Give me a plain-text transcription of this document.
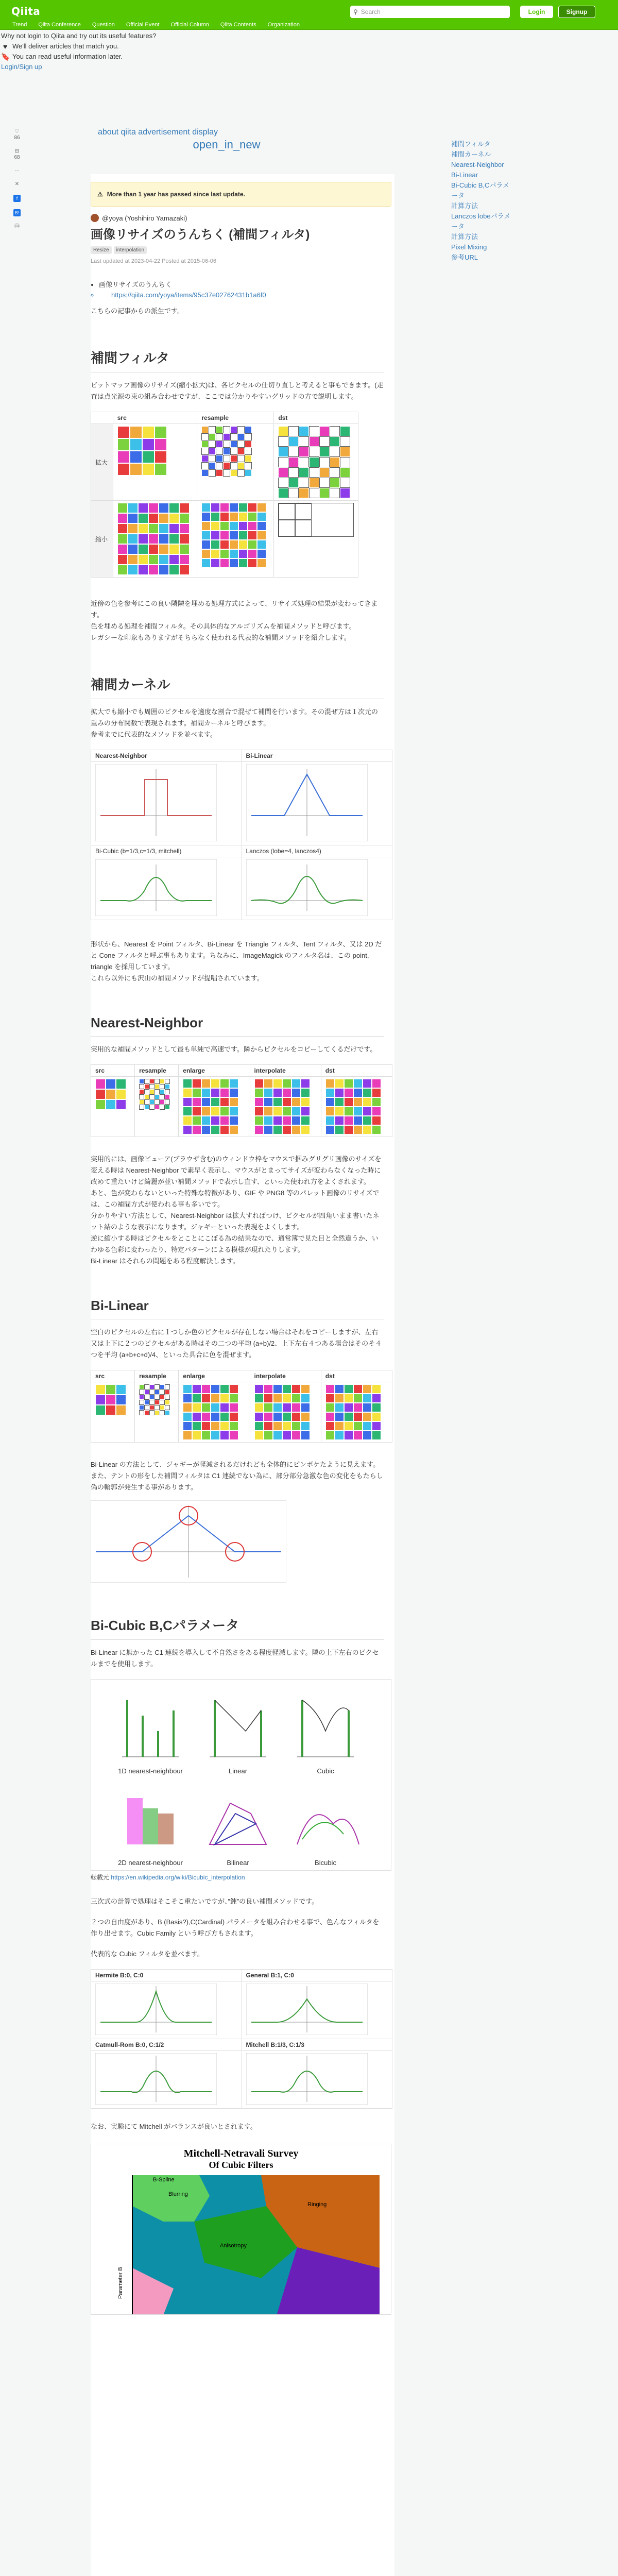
Qiita	⚲ Search	Login	Signup
Trend Qiita Conference Question Official Event Official Column Qiita Contents Organization
Why not login to Qiita and try out its useful features?
♥ We'll deliver articles that match you.
🔖 You can read useful information later.
Login/Sign up
♡
86
⊟
68
⋯
✕
f
B!
ⓜ
about qiita advertisement display
open_in_new
⚠ More than 1 year has passed since last update.
@yoya (Yoshihiro Yamazaki)
画像リサイズのうんちく (補間フィルタ)
Resize	interpolation
Last updated at 2023-04-22 Posted at 2015-06-06
• 画像リサイズのうんちく
◦ https://qiita.com/yoya/items/95c37e02762431b1a6f0
こちらの記事からの派生です。
補間フィルタ
ビットマップ画像のリサイズ(縮小拡大)は、各ピクセルの仕切り直しと考えると事もできます。(走査は点光源の束の組み合わせですが、ここでは分かりやすいグリッドの方で説明します。
	src	resample	dst
拡大	

縮小	

近傍の色を参考にこの良い隣隣を埋める処理方式によって、リサイズ処理の結果が変わってきます。
色を埋める処理を補間フィルタ。その具体的なアルゴリズムを補間メソッドと呼びます。
レガシーな印象もありますがそちらなく使われる代表的な補間メソッドを紹介します。
補間カーネル
拡大でも縮小でも周囲のピクセルを適度な割合で混ぜて補間を行います。その混ぜ方は１次元の重みの分布関数で表現されます。補間カーネルと呼びます。
参考までに代表的なメソッドを並べます。
Nearest-Neighbor	Bi-Linear

Bi-Cubic (b=1/3,c=1/3, mitchell)	Lanczos (lobe=4, lanczos4)

形状から、Nearest を Point フィルタ、Bi-Linear を Triangle フィルタ、Tent フィルタ、又は 2D だと Cone フィルタと呼ぶ事もあります。ちなみに、ImageMagick のフィルタ名は、この point, triangle を採用しています。
これら以外にも沢山の補間メソッドが提唱されています。
Nearest-Neighbor
実用的な補間メソッドとして最も単純で高速です。隣からピクセルをコピーしてくるだけです。
src	resample	enlarge	interpolate	dst

実用的には、画像ビューア(ブラウザ含む)のウィンドウ枠をマウスで掴みグリグリ画像のサイズを変える時は Nearest-Neighbor で素早く表示し、マウスがとまってサイズが変わらなくなった時に改めて重たいけど綺麗が並い補間メソッドで表示し直す、といった使われ方をよくされます。
あと、色が変わらないといった特殊な特徴があり、GIF や PNG8 等のパレット画像のリサイズでは、この補間方式が使われる事も多いです。
分かりやすい方法として、Nearest-Neighbor は拡大すればつけ、ピクセルが四角いまま書いたネット結のような表示になります。ジャギーといった表現をよくします。
逆に縮小する時はピクセルをとことにこぼる為の結果なので、通常簿で見た目と全然違うか、いわゆる色彩に変わったり、特定パターンによる模様が現れたりします。
Bi-Linear はそれらの問題をある程度解決します。
Bi-Linear
空白のピクセルの左右に１つしか色のピクセルが存在しない場合はそれをコピーしますが、左右又は上下に２つのピクセルがある時はその二つの平均 (a+b)/2、上下左右４つある場合はそのそ４つを平均 (a+b+c+d)/4、といった具合に色を混ぜます。
src	resample	enlarge	interpolate	dst

Bi-Linear の方法として、ジャギーが軽減されるだけれども全体的にピンボケたように見えます。
また、テントの形をした補間フィルタは C1 連続でない為に、部分部分急激な色の変化をもたらし偽の輪郭が発生する事があります。
Bi-Cubic B,Cパラメータ
Bi-Linear に無かった C1 連続を導入して不自然さをある程度軽減します。隣の上下左右のピクセルまでを使用します。
1D nearest-neighbour	Linear	Cubic
2D nearest-neighbour	Bilinear	Bicubic
転載元 https://en.wikipedia.org/wiki/Bicubic_interpolation
三次式の計算で処理はそこそこ重たいですが、”鈍”の良い補間メソッドです。
２つの自由度があり、B (Basis?),C(Cardinal) パラメータを組み合わせる事で、色んなフィルタを作り出せます。Cubic Family という呼び方もされます。
代表的な Cubic フィルタを並べます。
Hermite B:0, C:0	General B:1, C:0

Catmull-Rom B:0, C:1/2	Mitchell B:1/3, C:1/3

なお、実験にて Mitchell がバランスが良いとされます。
Mitchell-Netravali Survey
Of Cubic Filters
Blurring
B-Spline
Ringing
Anisotropy
Parameter B
補間フィルタ
補間カーネル
Nearest-Neighbor
Bi-Linear
Bi-Cubic B,Cパラメータ
計算方法
Lanczos lobeパラメータ
計算方法
Pixel Mixing
参考URL
